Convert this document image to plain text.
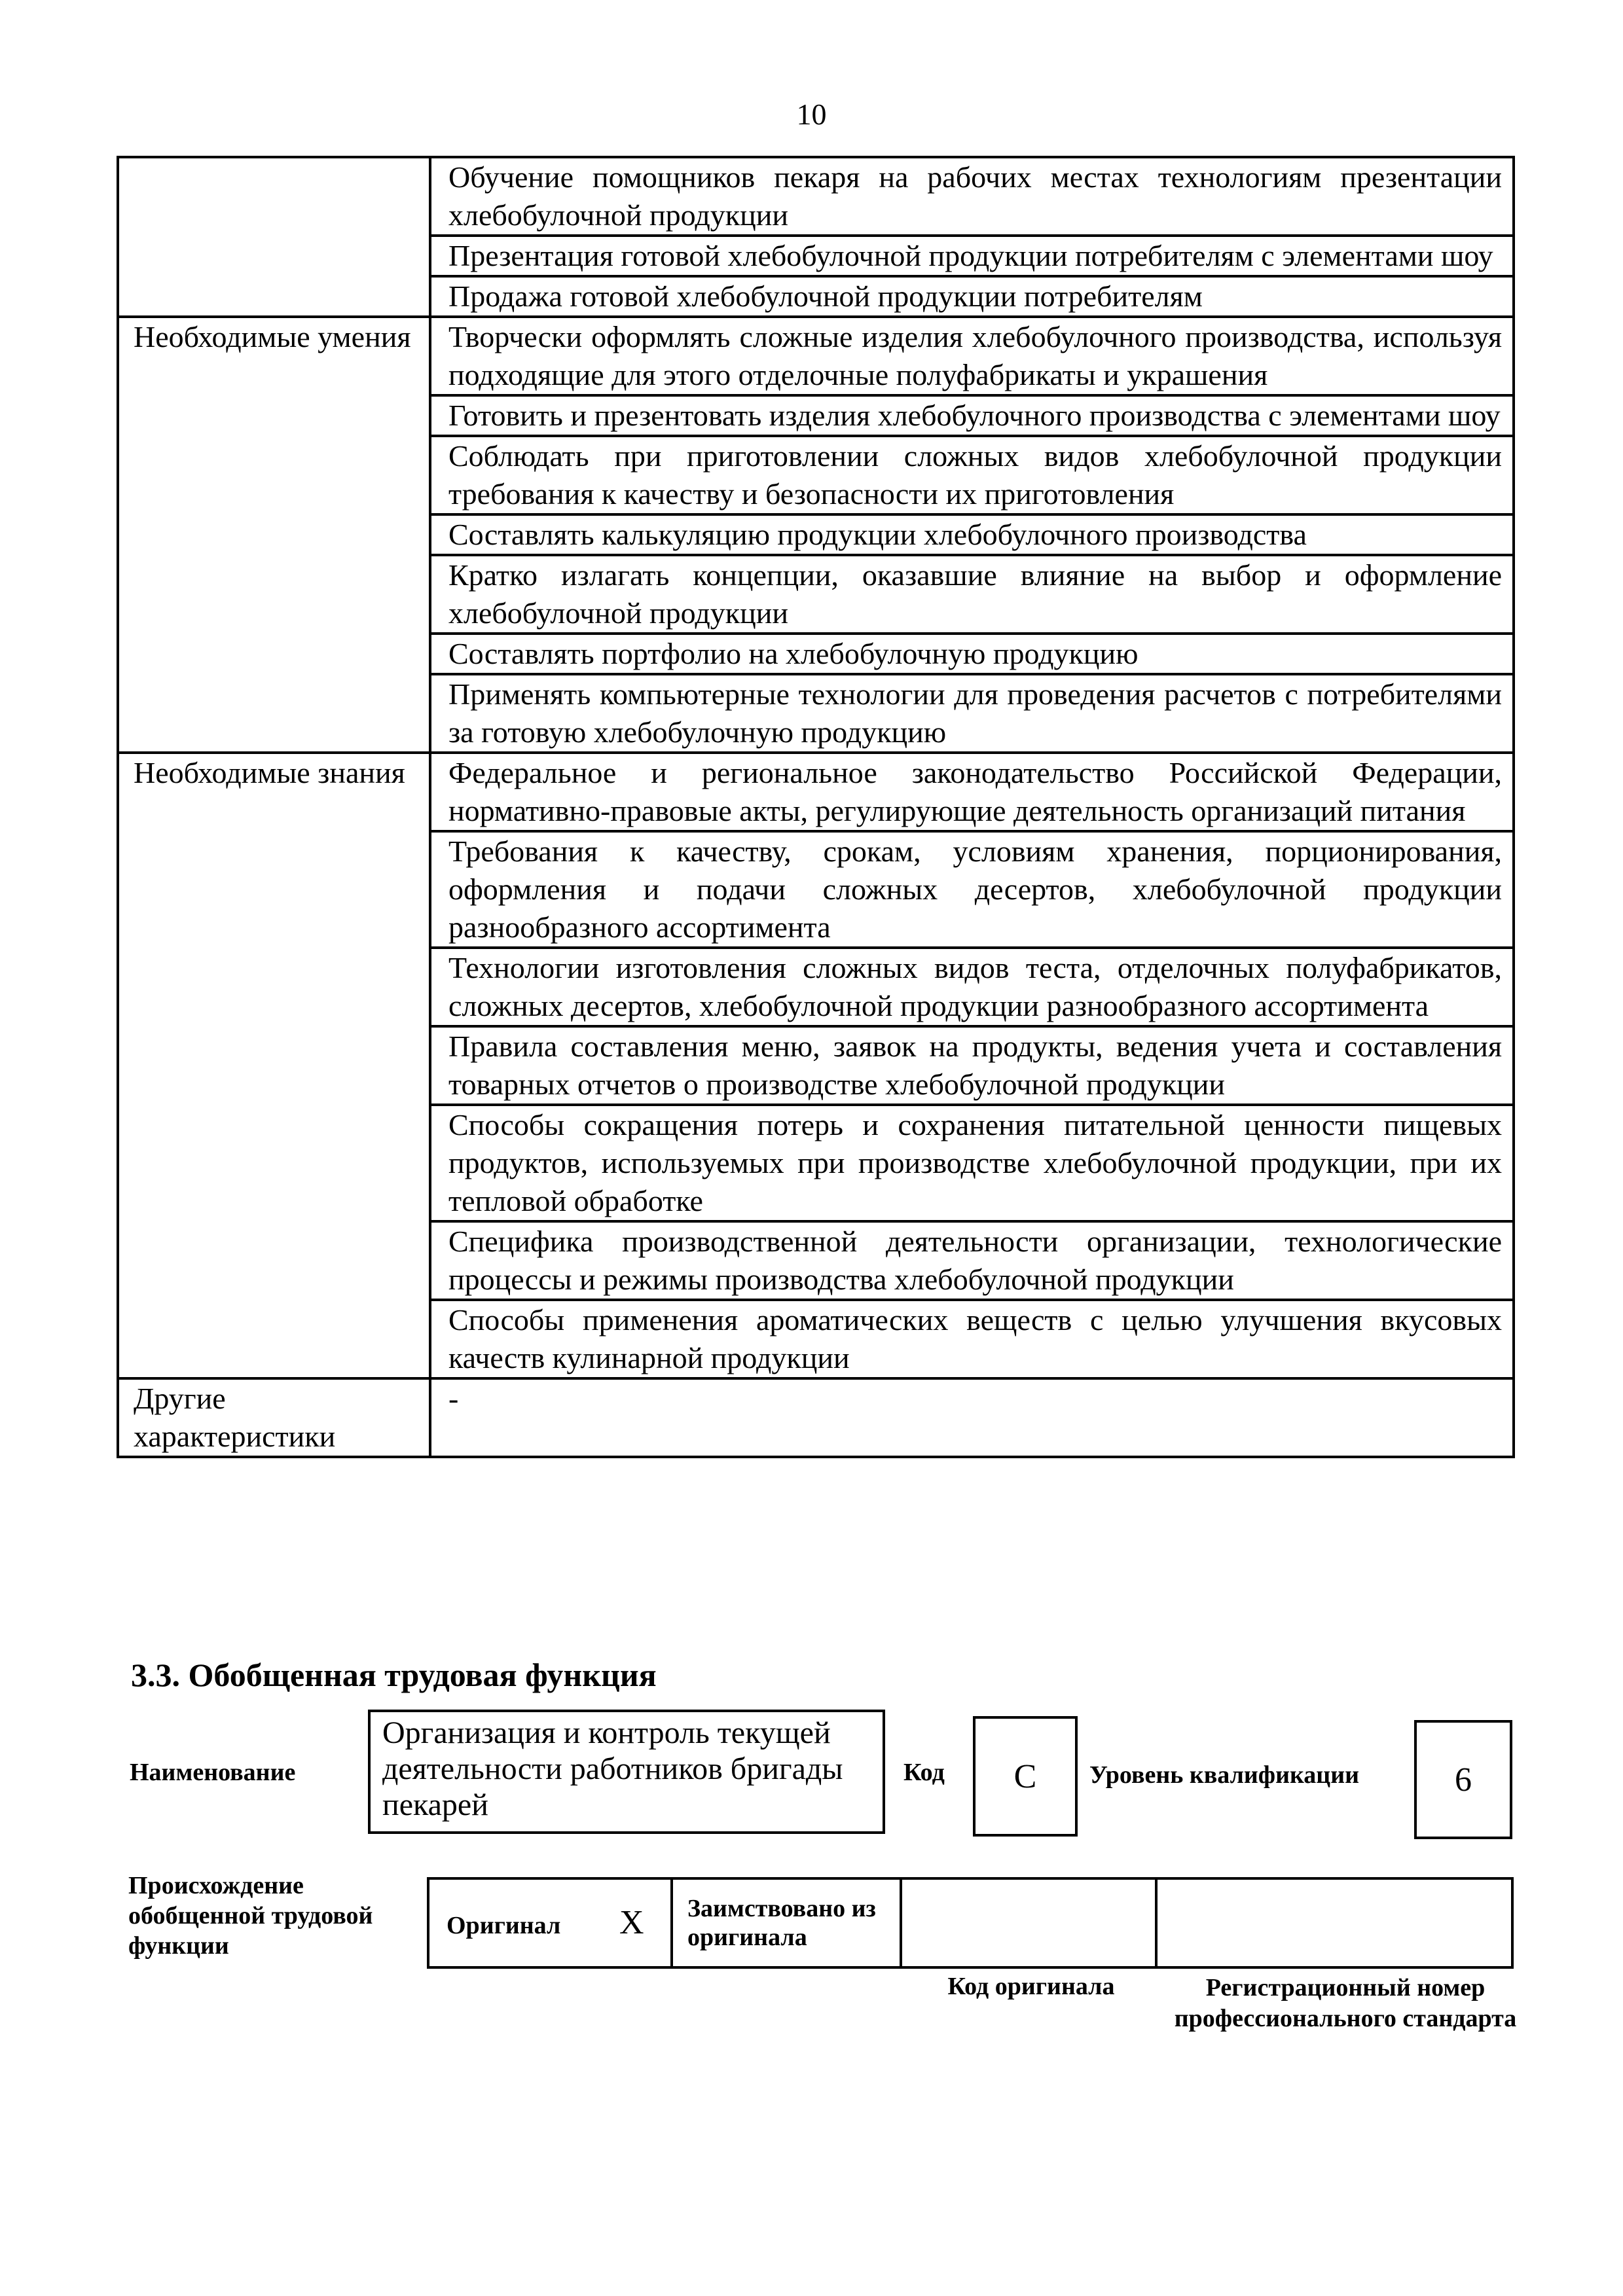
10
	Обучение помощников пекаря на рабочих местах технологиям презентации хлебобулочной продукции
	Презентация готовой хлебобулочной продукции потребителям с элементами шоу
	Продажа готовой хлебобулочной продукции потребителям
Необходимые умения	Творчески оформлять сложные изделия хлебобулочного производства, используя подходящие для этого отделочные полуфабрикаты и украшения
	Готовить и презентовать изделия хлебобулочного производства с элементами шоу
	Соблюдать при приготовлении сложных видов хлебобулочной продукции требования к качеству и безопасности их приготовления
	Составлять калькуляцию продукции хлебобулочного производства
	Кратко излагать концепции, оказавшие влияние на выбор и оформление хлебобулочной продукции
	Составлять портфолио на хлебобулочную продукцию
	Применять компьютерные технологии для проведения расчетов с потребителями за готовую хлебобулочную продукцию
Необходимые знания	Федеральное и региональное законодательство Российской Федерации, нормативно-правовые акты, регулирующие деятельность организаций питания
	Требования к качеству, срокам, условиям хранения, порционирования, оформления и подачи сложных десертов, хлебобулочной продукции разнообразного ассортимента
	Технологии изготовления сложных видов теста, отделочных полуфабрикатов, сложных десертов, хлебобулочной продукции разнообразного ассортимента
	Правила составления меню, заявок на продукты, ведения учета и составления товарных отчетов о производстве хлебобулочной продукции
	Способы сокращения потерь и сохранения питательной ценности пищевых продуктов, используемых при производстве хлебобулочной продукции, при их тепловой обработке
	Специфика производственной деятельности организации, технологические процессы и режимы производства хлебобулочной продукции
	Способы применения ароматических веществ с целью улучшения вкусовых качеств кулинарной продукции
Другие характеристики	-
3.3. Обобщенная трудовая функция
Наименование
Организация и контроль текущей деятельности работников бригады пекарей
Код	C	Уровень квалификации	6
Происхождение обобщенной трудовой функции
Оригинал X	Заимствовано из оригинала		
Код оригинала	Регистрационный номер профессионального стандарта
